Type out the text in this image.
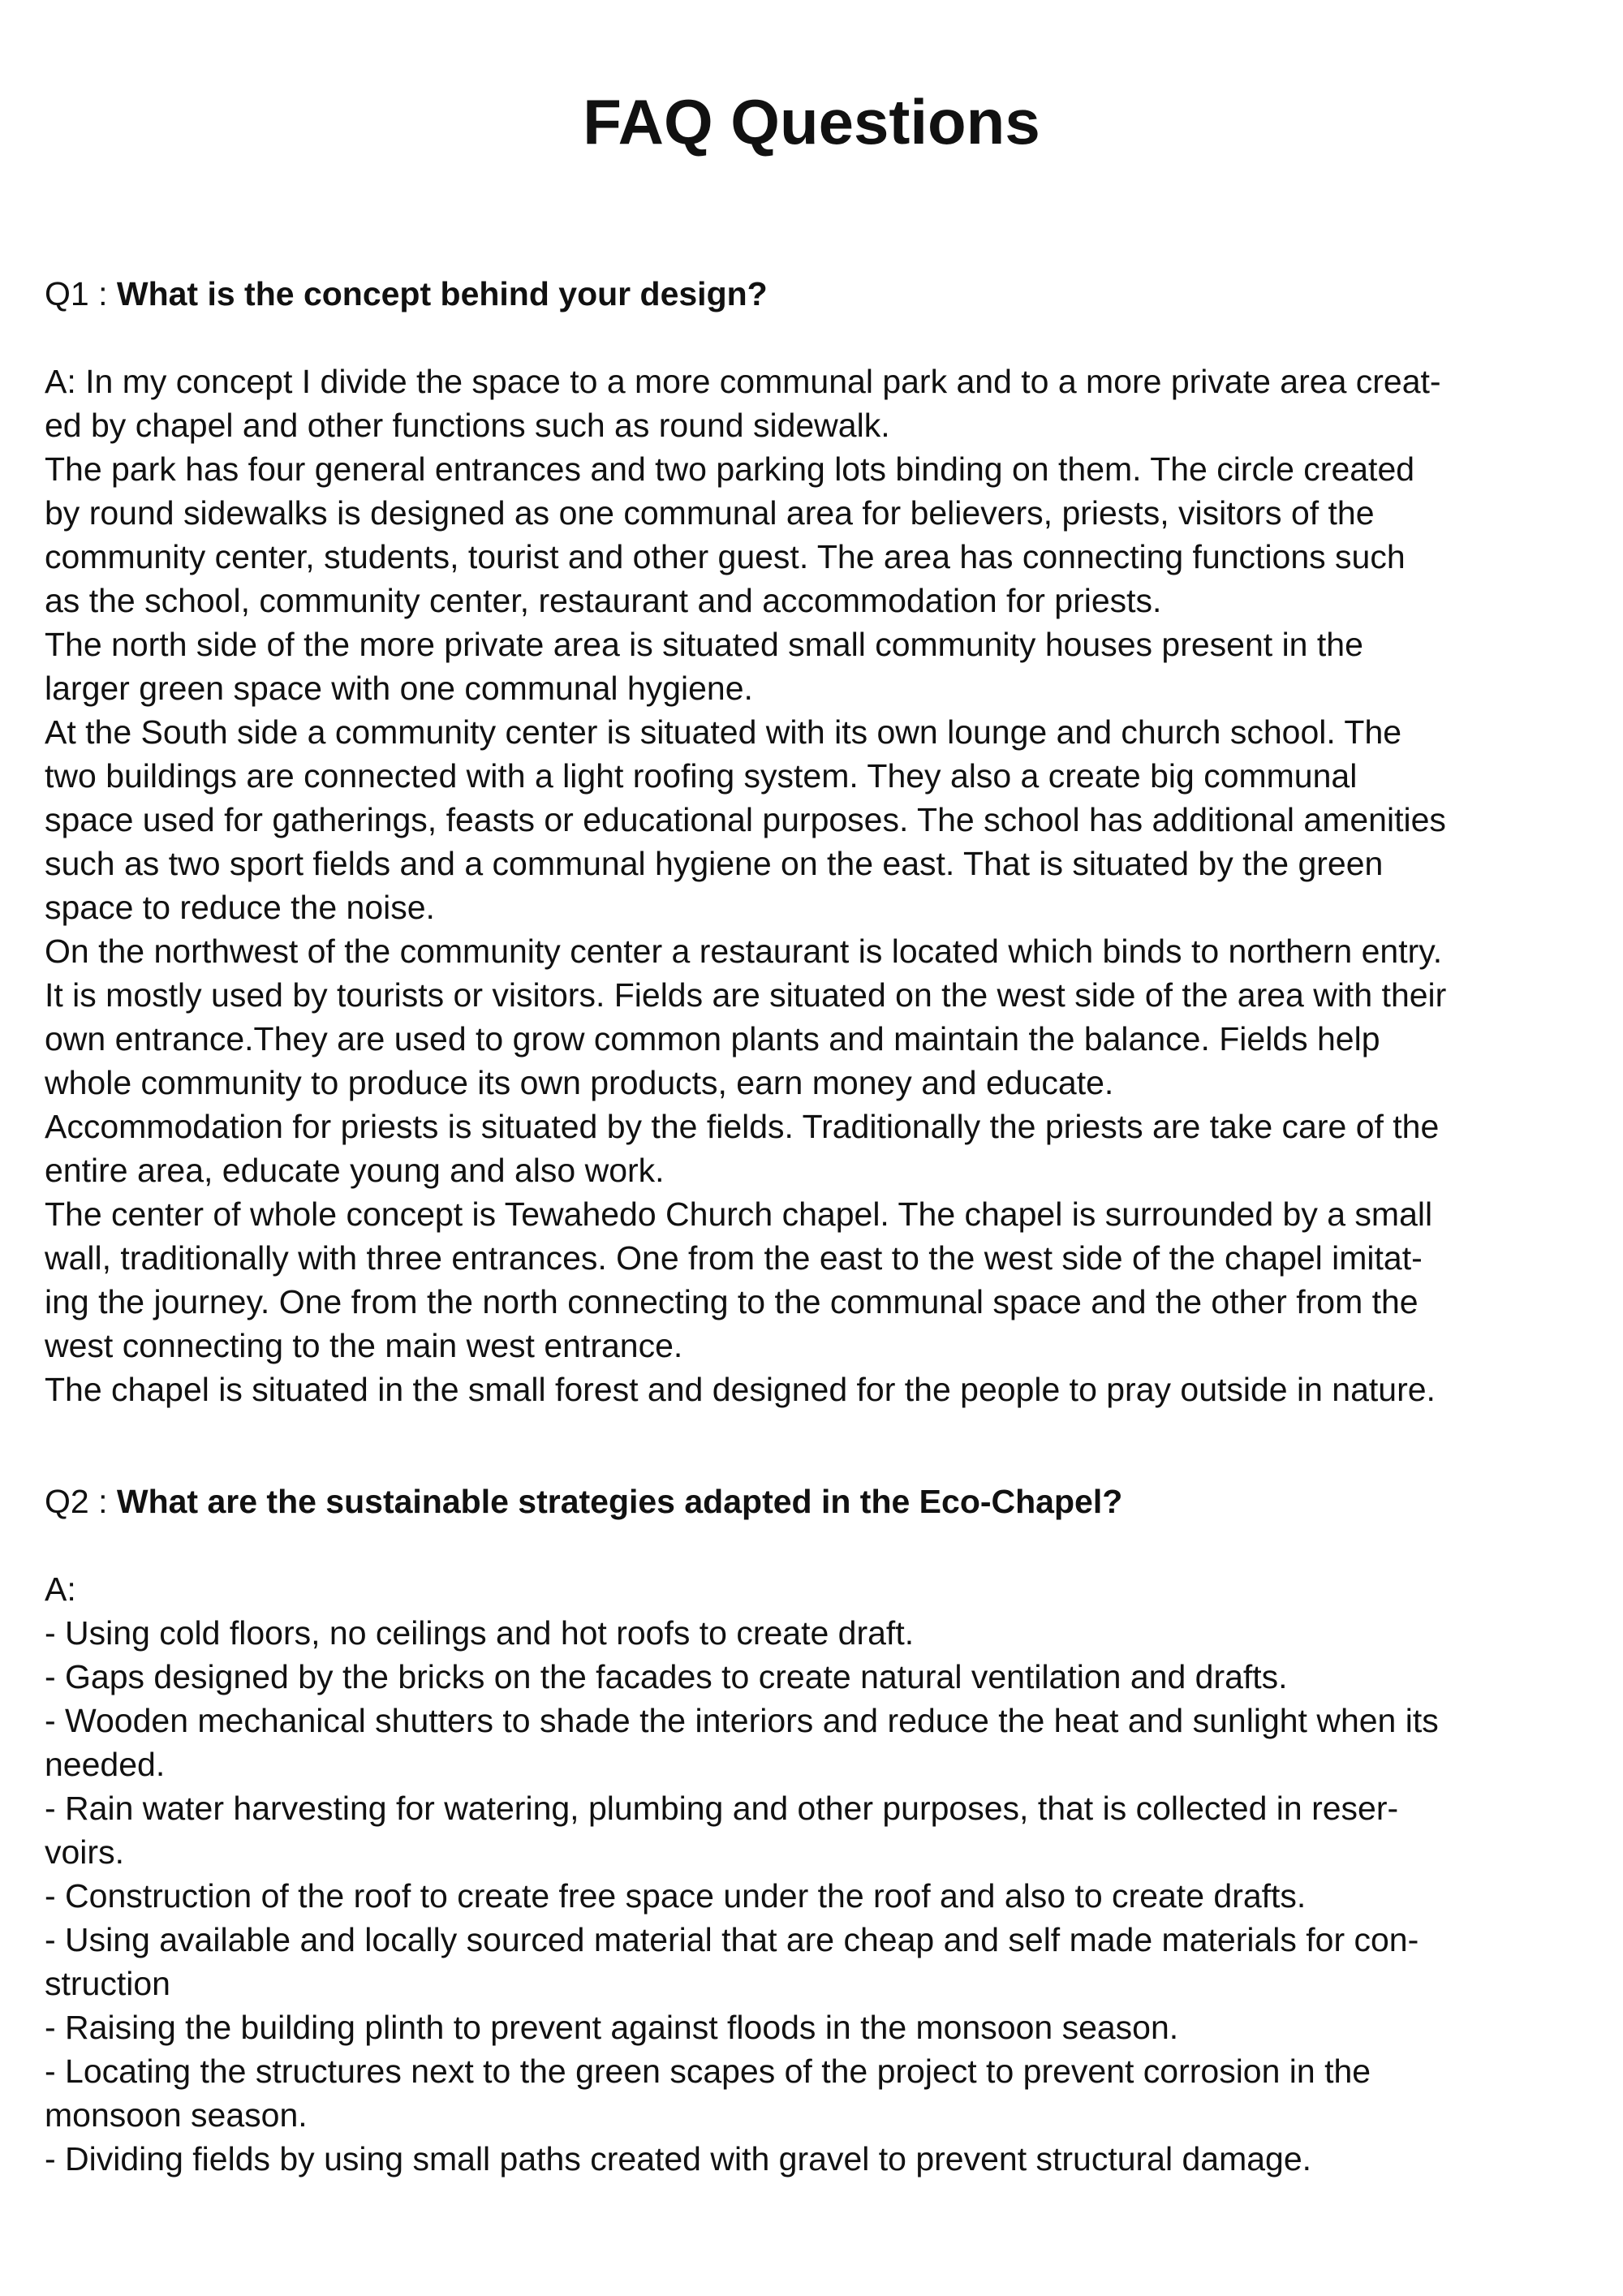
FAQ Questions

Q1 : What is the concept behind your design?

A: In my concept I divide the space to a more communal park and to a more private area creat-

ed by chapel and other functions such as round sidewalk.

The park has four general entrances and two parking lots binding on them. The circle created

by round sidewalks is designed as one communal area for believers, priests, visitors of the

community center, students, tourist and other guest. The area has connecting functions such

as the school, community center, restaurant and accommodation for priests.

The north side of the more private area is situated small community houses present in the

larger green space with one communal hygiene.

At the South side a community center is situated with its own lounge and church school. The

two buildings are connected with a light roofing system. They also a create big communal

space used for gatherings, feasts or educational purposes. The school has additional amenities

such as two sport fields and a communal hygiene on the east. That is situated by the green

space to reduce the noise.

On the northwest of the community center a restaurant is located which binds to northern entry.

It is mostly used by tourists or visitors. Fields are situated on the west side of the area with their

own entrance.They are used to grow common plants and maintain the balance. Fields help

whole community to produce its own products, earn money and educate.

Accommodation for priests is situated by the fields. Traditionally the priests are take care of the

entire area, educate young and also work.

The center of whole concept is Tewahedo Church chapel. The chapel is surrounded by a small

wall, traditionally with three entrances. One from the east to the west side of the chapel imitat-

ing the journey. One from the north connecting to the communal space and the other from the

west connecting to the main west entrance.

The chapel is situated in the small forest and designed for the people to pray outside in nature.

Q2 : What are the sustainable strategies adapted in the Eco-Chapel?

A:

- Using cold floors, no ceilings and hot roofs to create draft.

- Gaps designed by the bricks on the facades to create natural ventilation and drafts.

- Wooden mechanical shutters to shade the interiors and reduce the heat and sunlight when its

needed.

- Rain water harvesting for watering, plumbing and other purposes, that is collected in reser-

voirs.

- Construction of the roof to create free space under the roof and also to create drafts.

- Using available and locally sourced material that are cheap and self made materials for con-

struction

- Raising the building plinth to prevent against floods in the monsoon season.

- Locating the structures next to the green scapes of the project to prevent corrosion in the

monsoon season.

- Dividing fields by using small paths created with gravel to prevent structural damage.
